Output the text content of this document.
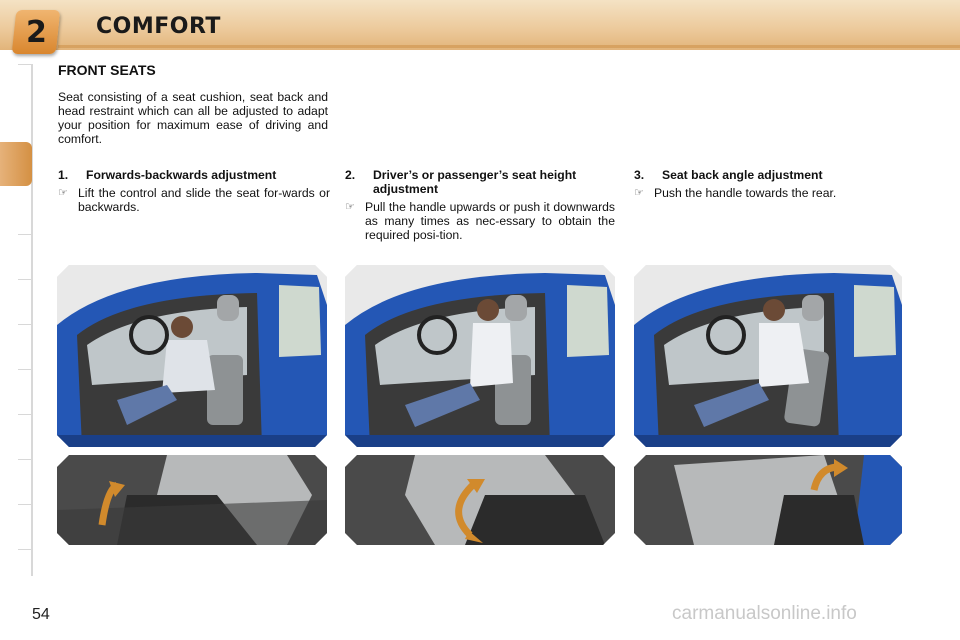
2 COMFORT
FRONT SEATS
Seat consisting of a seat cushion, seat back and head restraint which can all be adjusted to adapt your position for maximum ease of driving and comfort.
1.	Forwards-backwards adjustment
☞ Lift the control and slide the seat for-wards or backwards.
2.	Driver’s or passenger’s seat height adjustment
☞ Pull the handle upwards or push it downwards as many times as nec-essary to obtain the required posi-tion.
3.	Seat back angle adjustment
☞ Push the handle towards the rear.
54	carmanualsonline.info
